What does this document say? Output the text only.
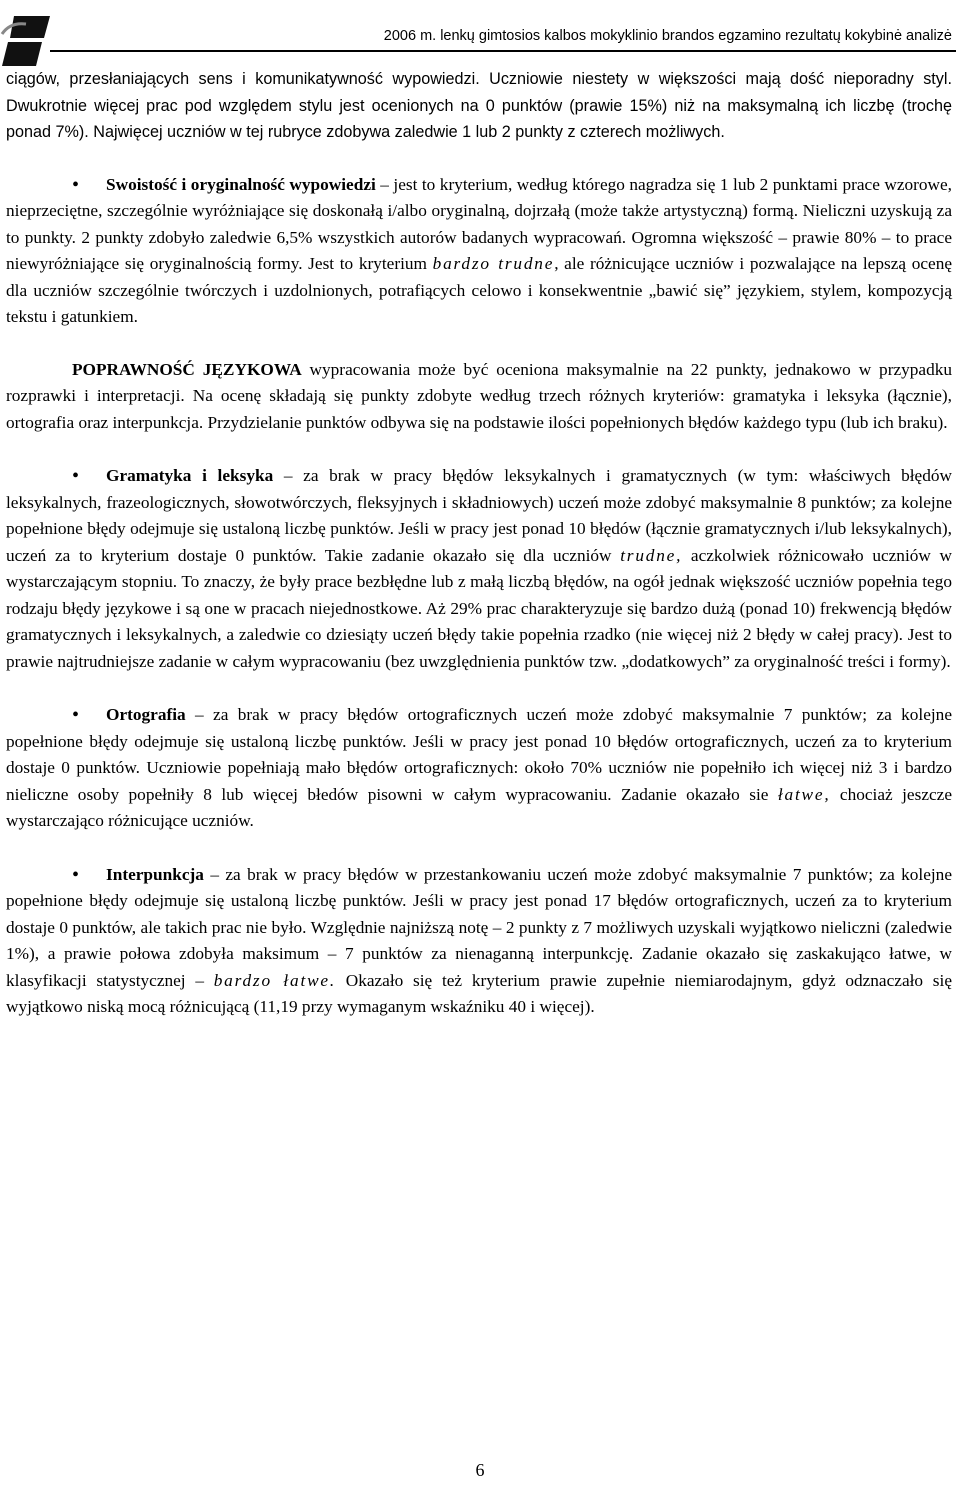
2006 m. lenkų gimtosios kalbos mokyklinio brandos egzamino rezultatų kokybinė analizė

ciągów, przesłaniających sens i komunikatywność wypowiedzi. Uczniowie niestety w większości mają dość nieporadny styl. Dwukrotnie więcej prac pod względem stylu jest ocenionych na 0 punktów (prawie 15%) niż na maksymalną ich liczbę (trochę ponad 7%). Najwięcej uczniów w tej rubryce zdobywa zaledwie 1 lub 2 punkty z czterech możliwych.

• Swoistość i oryginalność wypowiedzi – jest to kryterium, według którego nagradza się 1 lub 2 punktami prace wzorowe, nieprzeciętne, szczególnie wyróżniające się doskonałą i/albo oryginalną, dojrzałą (może także artystyczną) formą. Nieliczni uzyskują za to punkty. 2 punkty zdobyło zaledwie 6,5% wszystkich autorów badanych wypracowań. Ogromna większość – prawie 80% – to prace niewyróżniające się oryginalnością formy. Jest to kryterium bardzo trudne, ale różnicujące uczniów i pozwalające na lepszą ocenę dla uczniów szczególnie twórczych i uzdolnionych, potrafiących celowo i konsekwentnie „bawić się” językiem, stylem, kompozycją tekstu i gatunkiem.

POPRAWNOŚĆ JĘZYKOWA wypracowania może być oceniona maksymalnie na 22 punkty, jednakowo w przypadku rozprawki i interpretacji. Na ocenę składają się punkty zdobyte według trzech różnych kryteriów: gramatyka i leksyka (łącznie), ortografia oraz interpunkcja. Przydzielanie punktów odbywa się na podstawie ilości popełnionych błędów każdego typu (lub ich braku).

• Gramatyka i leksyka – za brak w pracy błędów leksykalnych i gramatycznych (w tym: właściwych błędów leksykalnych, frazeologicznych, słowotwórczych, fleksyjnych i składniowych) uczeń może zdobyć maksymalnie 8 punktów; za kolejne popełnione błędy odejmuje się ustaloną liczbę punktów. Jeśli w pracy jest ponad 10 błędów (łącznie gramatycznych i/lub leksykalnych), uczeń za to kryterium dostaje 0 punktów. Takie zadanie okazało się dla uczniów trudne, aczkolwiek różnicowało uczniów w wystarczającym stopniu. To znaczy, że były prace bezbłędne lub z małą liczbą błędów, na ogół jednak większość uczniów popełnia tego rodzaju błędy językowe i są one w pracach niejednostkowe. Aż 29% prac charakteryzuje się bardzo dużą (ponad 10) frekwencją błędów gramatycznych i leksykalnych, a zaledwie co dziesiąty uczeń błędy takie popełnia rzadko (nie więcej niż 2 błędy w całej pracy). Jest to prawie najtrudniejsze zadanie w całym wypracowaniu (bez uwzględnienia punktów tzw. „dodatkowych” za oryginalność treści i formy).

• Ortografia – za brak w pracy błędów ortograficznych uczeń może zdobyć maksymalnie 7 punktów; za kolejne popełnione błędy odejmuje się ustaloną liczbę punktów. Jeśli w pracy jest ponad 10 błędów ortograficznych, uczeń za to kryterium dostaje 0 punktów. Uczniowie popełniają mało błędów ortograficznych: około 70% uczniów nie popełniło ich więcej niż 3 i bardzo nieliczne osoby popełniły 8 lub więcej błedów pisowni w całym wypracowaniu. Zadanie okazało sie łatwe, chociaż jeszcze wystarczająco różnicujące uczniów.

• Interpunkcja – za brak w pracy błędów w przestankowaniu uczeń może zdobyć maksymalnie 7 punktów; za kolejne popełnione błędy odejmuje się ustaloną liczbę punktów. Jeśli w pracy jest ponad 17 błędów ortograficznych, uczeń za to kryterium dostaje 0 punktów, ale takich prac nie było. Względnie najniższą notę – 2 punkty z 7 możliwych uzyskali wyjątkowo nieliczni (zaledwie 1%), a prawie połowa zdobyła maksimum – 7 punktów za nienaganną interpunkcję. Zadanie okazało się zaskakująco łatwe, w klasyfikacji statystycznej – bardzo łatwe. Okazało się też kryterium prawie zupełnie niemiarodajnym, gdyż odznaczało się wyjątkowo niską mocą różnicującą (11,19 przy wymaganym wskaźniku 40 i więcej).

6
